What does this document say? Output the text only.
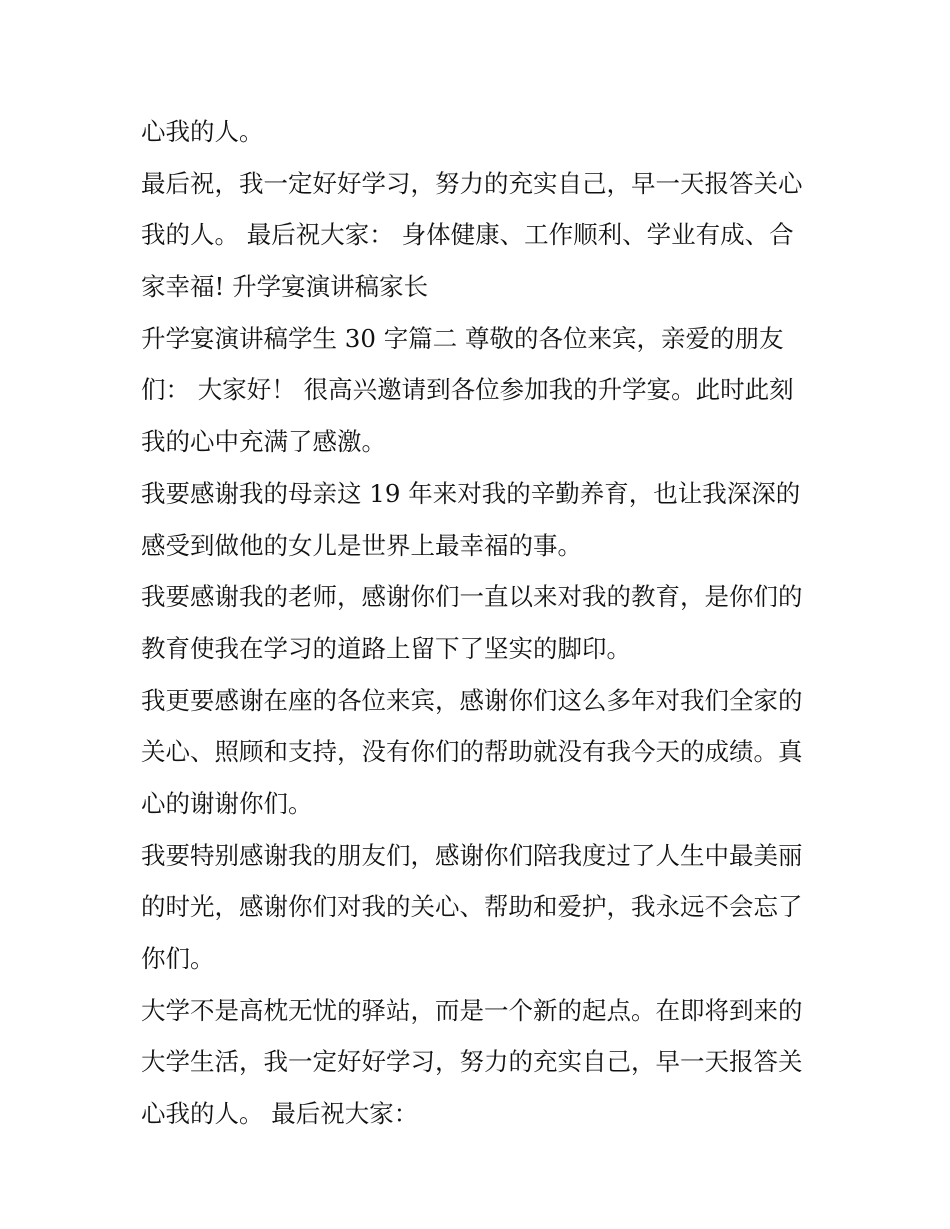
心我的人。

最后祝，我一定好好学习，努力的充实自己，早一天报答关心
我的人。 最后祝大家： 身体健康、工作顺利、学业有成、合
家幸福! 升学宴演讲稿家长

升学宴演讲稿学生 30 字篇二 尊敬的各位来宾，亲爱的朋友
们： 大家好！ 很高兴邀请到各位参加我的升学宴。此时此刻
我的心中充满了感激。

我要感谢我的母亲这 19 年来对我的辛勤养育，也让我深深的
感受到做他的女儿是世界上最幸福的事。

我要感谢我的老师，感谢你们一直以来对我的教育，是你们的
教育使我在学习的道路上留下了坚实的脚印。

我更要感谢在座的各位来宾，感谢你们这么多年对我们全家的
关心、照顾和支持，没有你们的帮助就没有我今天的成绩。真
心的谢谢你们。

我要特别感谢我的朋友们，感谢你们陪我度过了人生中最美丽
的时光，感谢你们对我的关心、帮助和爱护，我永远不会忘了
你们。

大学不是高枕无忧的驿站，而是一个新的起点。在即将到来的
大学生活，我一定好好学习，努力的充实自己，早一天报答关
心我的人。 最后祝大家：
